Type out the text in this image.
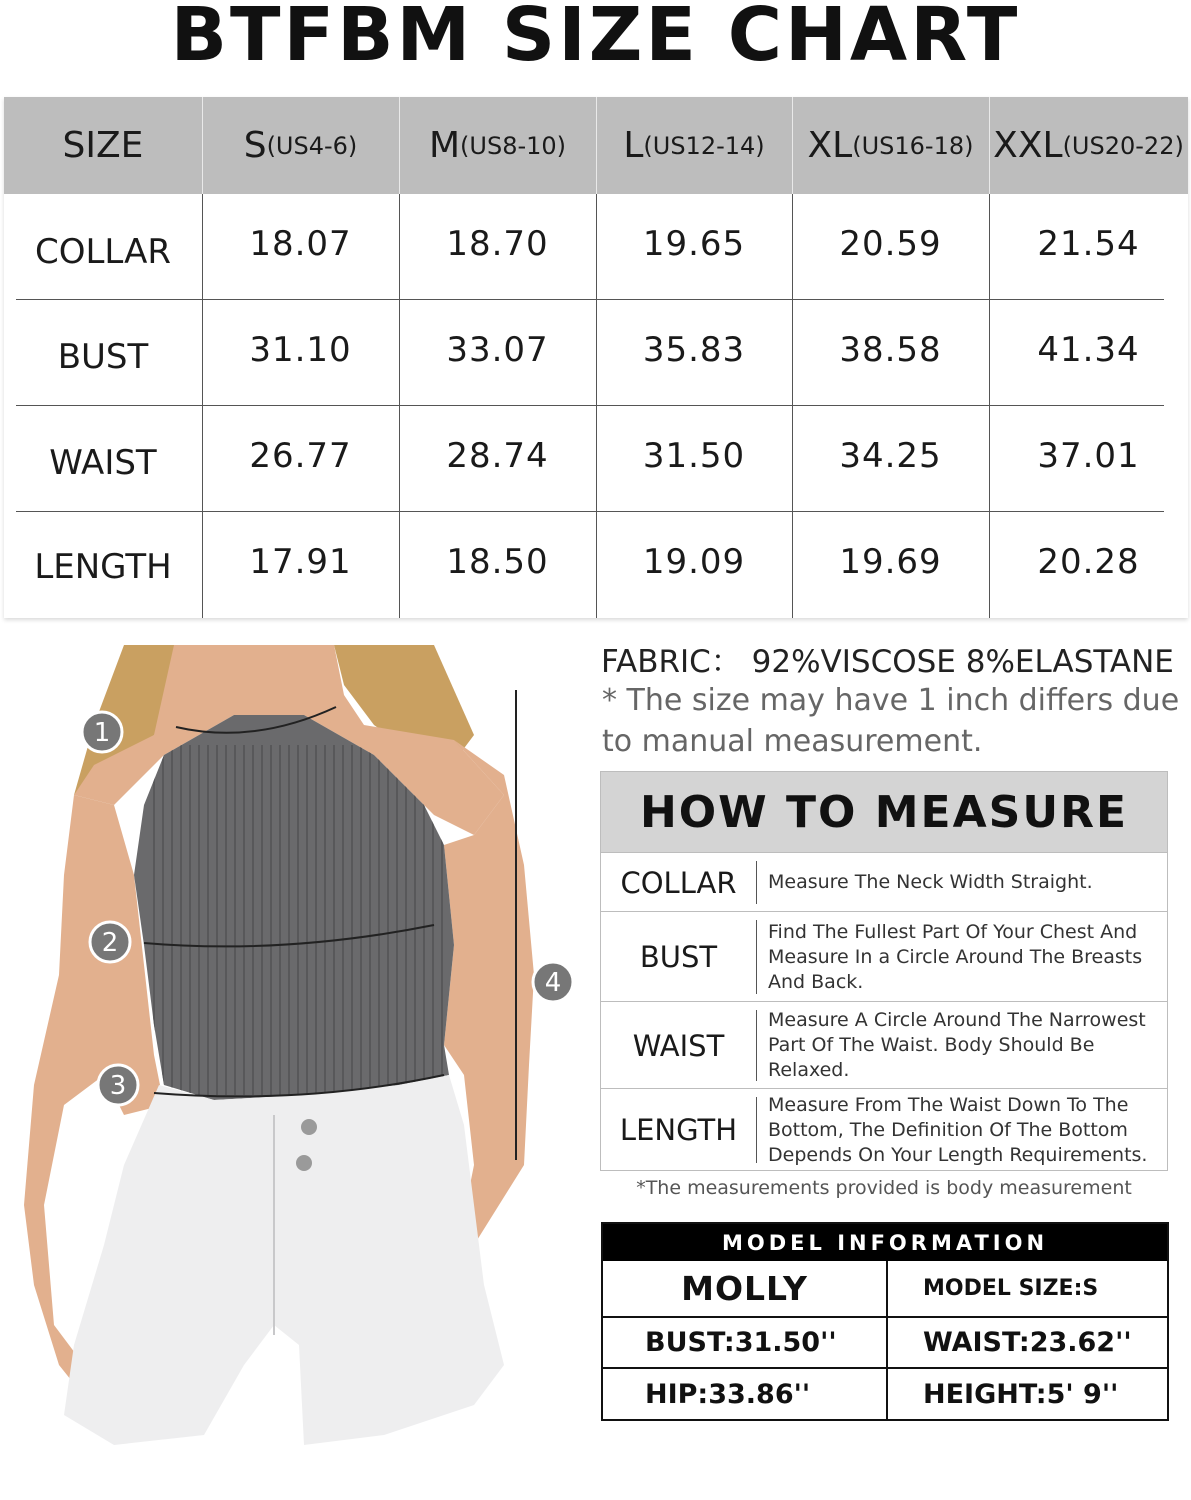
BTFBM SIZE CHART
SIZE	S (US4-6) M (US8-10) L (US12-14) XL (US16-18) XXL (US20-22)
COLLAR	18.07	18.70	19.65	20.59	21.54
BUST	31.10	33.07	35.83	38.58	41.34
WAIST	26.77	28.74	31.50	34.25	37.01
LENGTH	17.91	18.50	19.09	19.69	20.28
1
2
3
4
FABRIC： 92%VISCOSE 8%ELASTANE
* The size may have 1 inch differs due to manual measurement.
HOW TO MEASURE
COLLAR	Measure The Neck Width Straight.
BUST
Find The Fullest Part Of Your Chest And Measure In a Circle Around The Breasts And Back.
WAIST
Measure A Circle Around The Narrowest Part Of The Waist. Body Should Be Relaxed.
LENGTH
Measure From The Waist Down To The Bottom, The Definition Of The Bottom Depends On Your Length Requirements.
*The measurements provided is body measurement
MODEL INFORMATION
MOLLY	MODEL SIZE:S
BUST:31.50''	WAIST:23.62''
HIP:33.86''	HEIGHT:5' 9''
